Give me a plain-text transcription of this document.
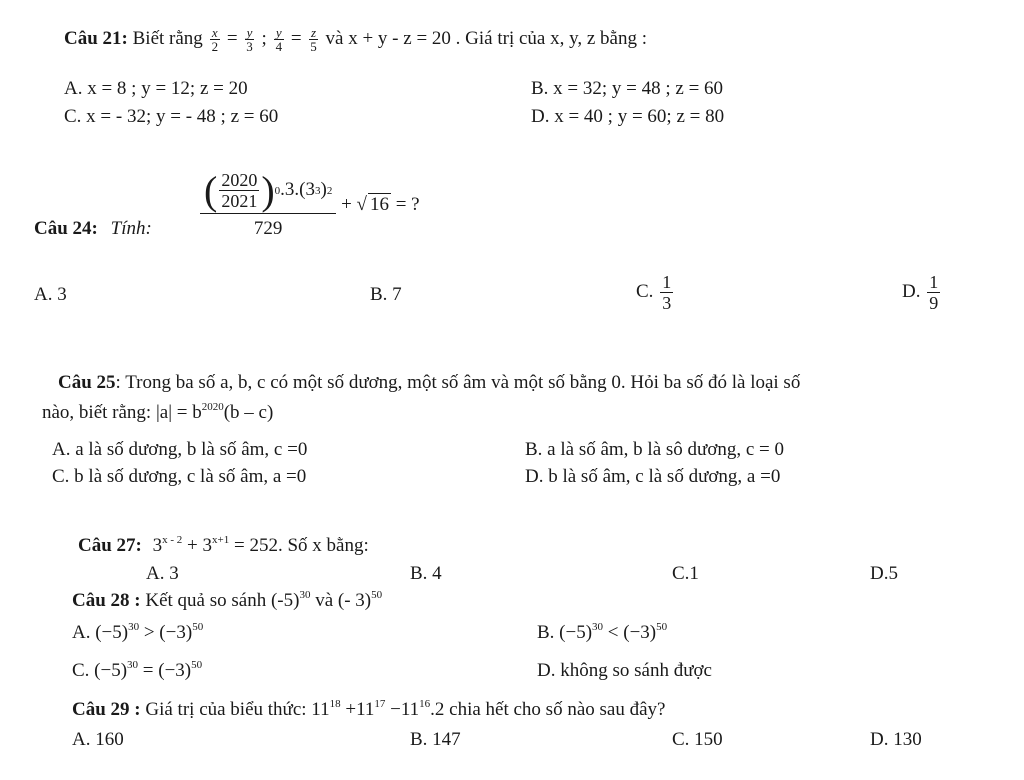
Câu 21: Biết rằng $\frac{x}{2} = \frac{y}{3}$ ; $\frac{y}{4} = \frac{z}{5}$ và x + y - z = 20 . Giá trị của x, y, z bằng :
A. x = 8 ; y = 12; z = 20	B. x = 32; y = 48 ; z = 60
C. x = - 32; y = - 48 ; z = 60	D. x = 40 ; y = 60; z = 80
Câu 24: Tính:
( $\frac{2020}{2021}$ ) 0 .3.(3 3 ) 2
729
+ √ 16 = ?
A. 3	B. 7	C. $\frac{1}{3}$	D. $\frac{1}{9}$
Câu 25: Trong ba số a, b, c có một số dương, một số âm và một số bằng 0. Hỏi ba số đó là loại số
nào, biết rằng: $|a| = b^{2020}(b - c)$
A. a là số dương, b là số âm, c =0	B. a là số âm, b là sô dương, c = 0
C. b là số dương, c là số âm, a =0	D. b là số âm, c là số dương, a =0
Câu 27: $3^{x - 2} + 3^{x+1} = 252$. Số x bằng:
A. 3	B. 4	C.1	D.5
Câu 28 : Kết quả so sánh $(-5)^{30}$ và (- 3)$^{50}$
A. $(-5)^{30} > (-3)^{50}$	B. $(-5)^{30} < (-3)^{50}$
C. $(-5)^{30} = (-3)^{50}$	D. không so sánh được
Câu 29 : Giá trị của biểu thức: $11^{18} +11^{17} -11^{16}.2$ chia hết cho số nào sau đây?
A. 160	B. 147	C. 150	D. 130
